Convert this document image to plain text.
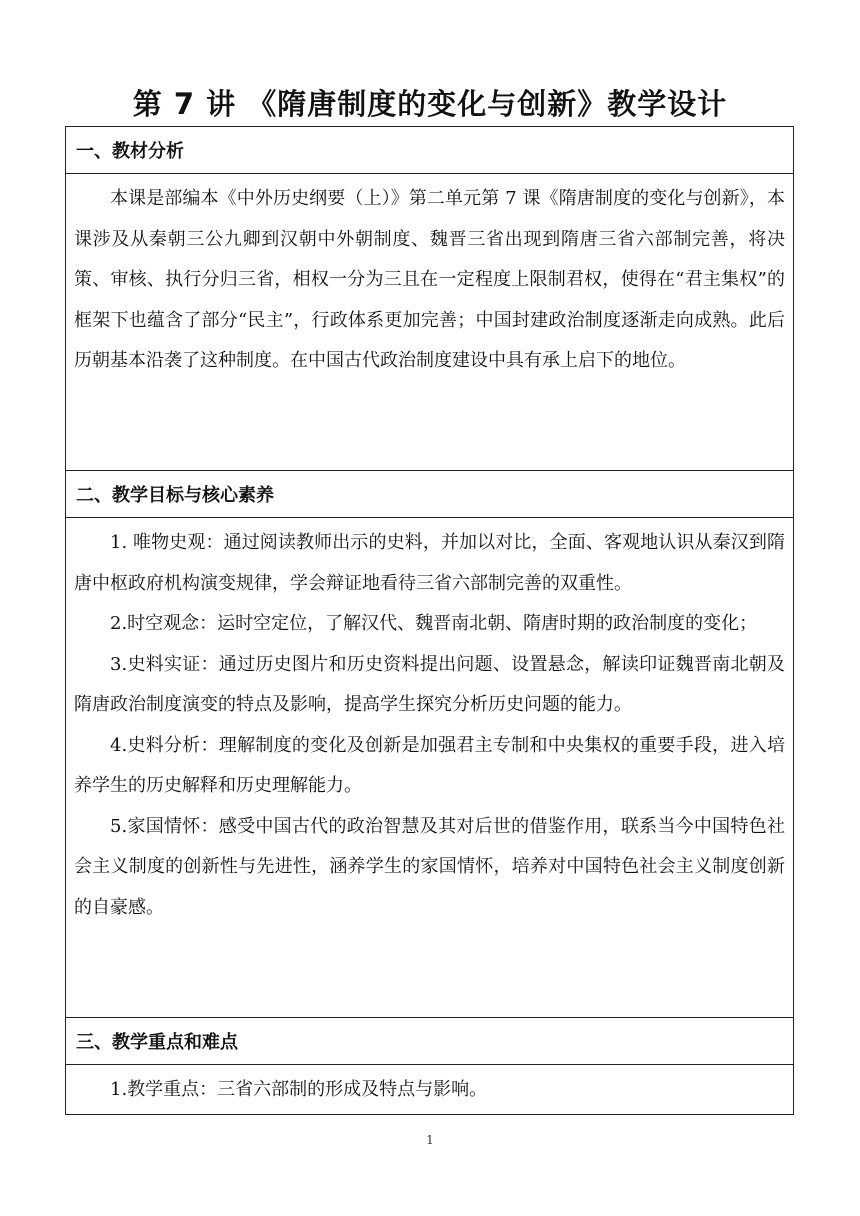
第 7 讲 《隋唐制度的变化与创新》教学设计
一、教材分析

本课是部编本《中外历史纲要（上）》第二单元第 7 课《隋唐制度的变化与创新》，本课涉及从秦朝三公九卿到汉朝中外朝制度、魏晋三省出现到隋唐三省六部制完善，将决策、审核、执行分归三省，相权一分为三且在一定程度上限制君权，使得在“君主集权”的框架下也蕴含了部分“民主”，行政体系更加完善；中国封建政治制度逐渐走向成熟。此后历朝基本沿袭了这种制度。在中国古代政治制度建设中具有承上启下的地位。

二、教学目标与核心素养

1. 唯物史观：通过阅读教师出示的史料，并加以对比，全面、客观地认识从秦汉到隋唐中枢政府机构演变规律，学会辩证地看待三省六部制完善的双重性。

2.时空观念：运时空定位，了解汉代、魏晋南北朝、隋唐时期的政治制度的变化；

3.史料实证：通过历史图片和历史资料提出问题、设置悬念，解读印证魏晋南北朝及隋唐政治制度演变的特点及影响，提高学生探究分析历史问题的能力。

4.史料分析：理解制度的变化及创新是加强君主专制和中央集权的重要手段，进入培养学生的历史解释和历史理解能力。

5.家国情怀：感受中国古代的政治智慧及其对后世的借鉴作用，联系当今中国特色社会主义制度的创新性与先进性，涵养学生的家国情怀，培养对中国特色社会主义制度创新的自豪感。

三、教学重点和难点

1.教学重点：三省六部制的形成及特点与影响。

1
